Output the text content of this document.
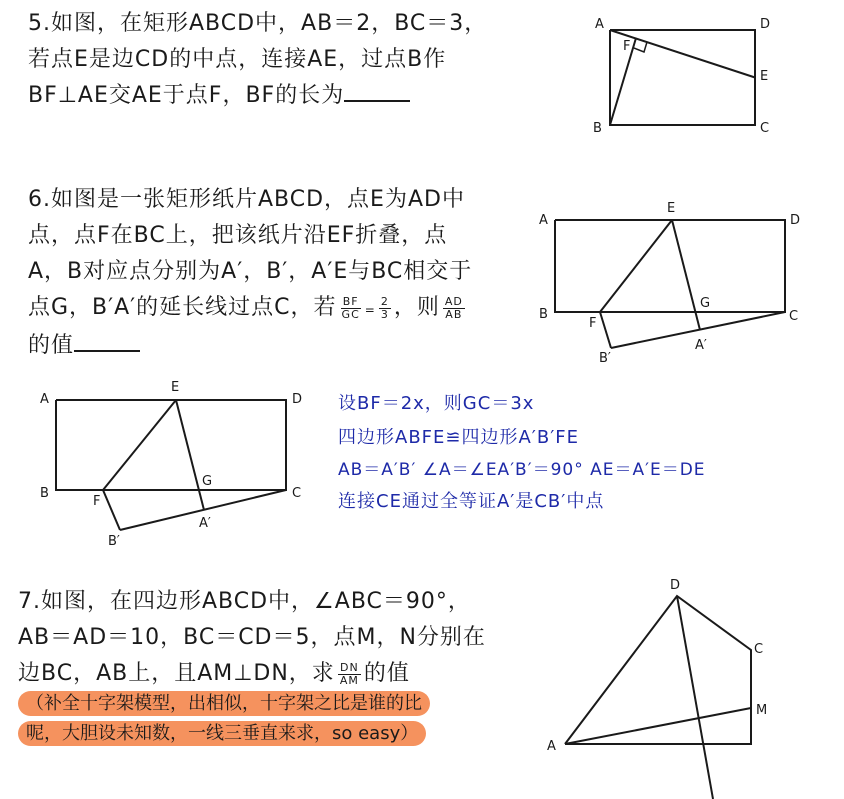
5.如图，在矩形ABCD中，AB＝2，BC＝3，
若点E是边CD的中点，连接AE，过点B作
BF⊥AE交AE于点F，BF的长为
A	D
E
F
B	C
6.如图是一张矩形纸片ABCD，点E为AD中
点，点F在BC上，把该纸片沿EF折叠，点
A，B对应点分别为A′，B′，A′E与BC相交于
点G，B′A′的延长线过点C，若 $\frac{BF}{GC} = \frac{2}{3}$ ，则 $\frac{AD}{AB}$
的值
A
E
D
B
G
F	C
A′
B′
A
E
D
B
G
F
C
A′
B′
设BF＝2x，则GC＝3x
四边形ABFE≌四边形A′B′FE
AB＝A′B′ ∠A＝∠EA′B′＝90° AE＝A′E＝DE
连接CE通过全等证A′是CB′中点
7.如图，在四边形ABCD中，∠ABC＝90°，
AB＝AD＝10，BC＝CD＝5，点M，N分别在
边BC，AB上，且AM⊥DN，求 $\frac{DN}{AM}$ 的值
（补全十字架模型，出相似，十字架之比是谁的比
呢，大胆设未知数，一线三垂直来求，so easy）
D
C
M
A
